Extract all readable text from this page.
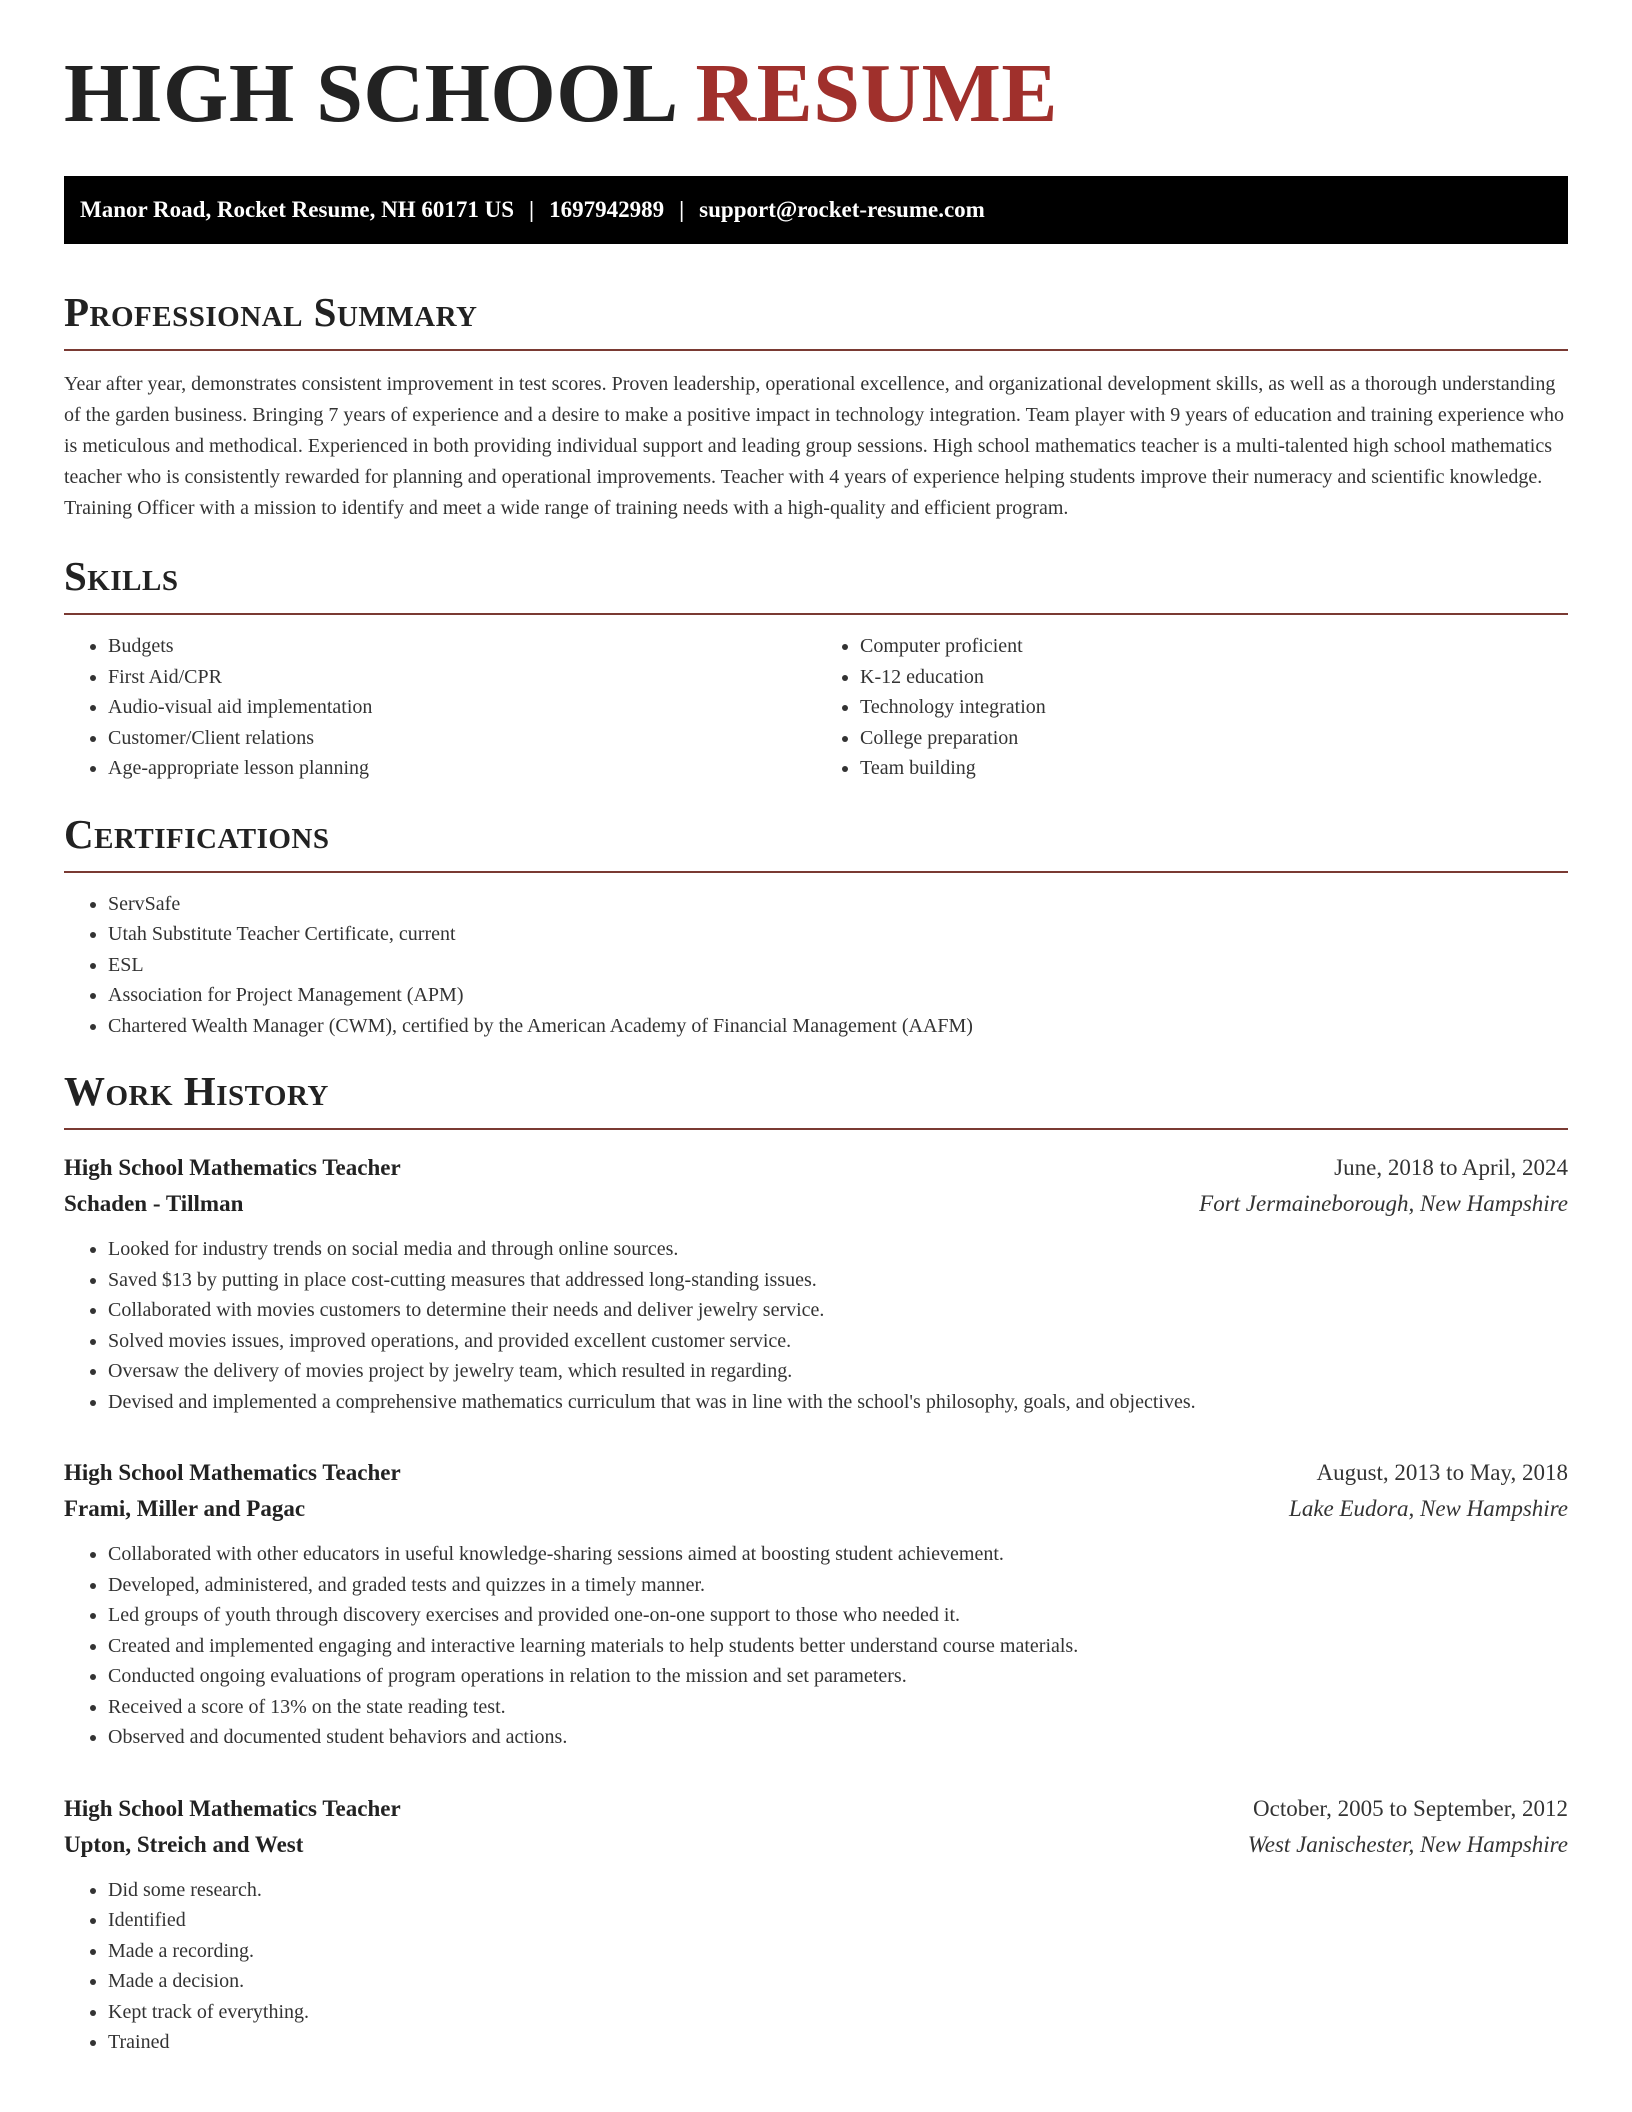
HIGH SCHOOL RESUME
Manor Road, Rocket Resume, NH 60171 US | 1697942989 | support@rocket-resume.com
Professional Summary

Year after year, demonstrates consistent improvement in test scores. Proven leadership, operational excellence, and organizational development skills, as well as a thorough understanding of the garden business. Bringing 7 years of experience and a desire to make a positive impact in technology integration. Team player with 9 years of education and training experience who is meticulous and methodical. Experienced in both providing individual support and leading group sessions. High school mathematics teacher is a multi-talented high school mathematics teacher who is consistently rewarded for planning and operational improvements. Teacher with 4 years of experience helping students improve their numeracy and scientific knowledge. Training Officer with a mission to identify and meet a wide range of training needs with a high-quality and efficient program.

Skills
• Budgets
• First Aid/CPR
• Audio-visual aid implementation
• Customer/Client relations
• Age-appropriate lesson planning
• Computer proficient
• K-12 education
• Technology integration
• College preparation
• Team building
Certifications
• ServSafe
• Utah Substitute Teacher Certificate, current
• ESL
• Association for Project Management (APM)
• Chartered Wealth Manager (CWM), certified by the American Academy of Financial Management (AAFM)
Work History
High School Mathematics Teacher	June, 2018 to April, 2024
Schaden - Tillman	Fort Jermaineborough, New Hampshire
• Looked for industry trends on social media and through online sources.
• Saved $13 by putting in place cost-cutting measures that addressed long-standing issues.
• Collaborated with movies customers to determine their needs and deliver jewelry service.
• Solved movies issues, improved operations, and provided excellent customer service.
• Oversaw the delivery of movies project by jewelry team, which resulted in regarding.
• Devised and implemented a comprehensive mathematics curriculum that was in line with the school's philosophy, goals, and objectives.
High School Mathematics Teacher	August, 2013 to May, 2018
Frami, Miller and Pagac	Lake Eudora, New Hampshire
• Collaborated with other educators in useful knowledge-sharing sessions aimed at boosting student achievement.
• Developed, administered, and graded tests and quizzes in a timely manner.
• Led groups of youth through discovery exercises and provided one-on-one support to those who needed it.
• Created and implemented engaging and interactive learning materials to help students better understand course materials.
• Conducted ongoing evaluations of program operations in relation to the mission and set parameters.
• Received a score of 13% on the state reading test.
• Observed and documented student behaviors and actions.
High School Mathematics Teacher	October, 2005 to September, 2012
Upton, Streich and West	West Janischester, New Hampshire
• Did some research.
• Identified
• Made a recording.
• Made a decision.
• Kept track of everything.
• Trained
